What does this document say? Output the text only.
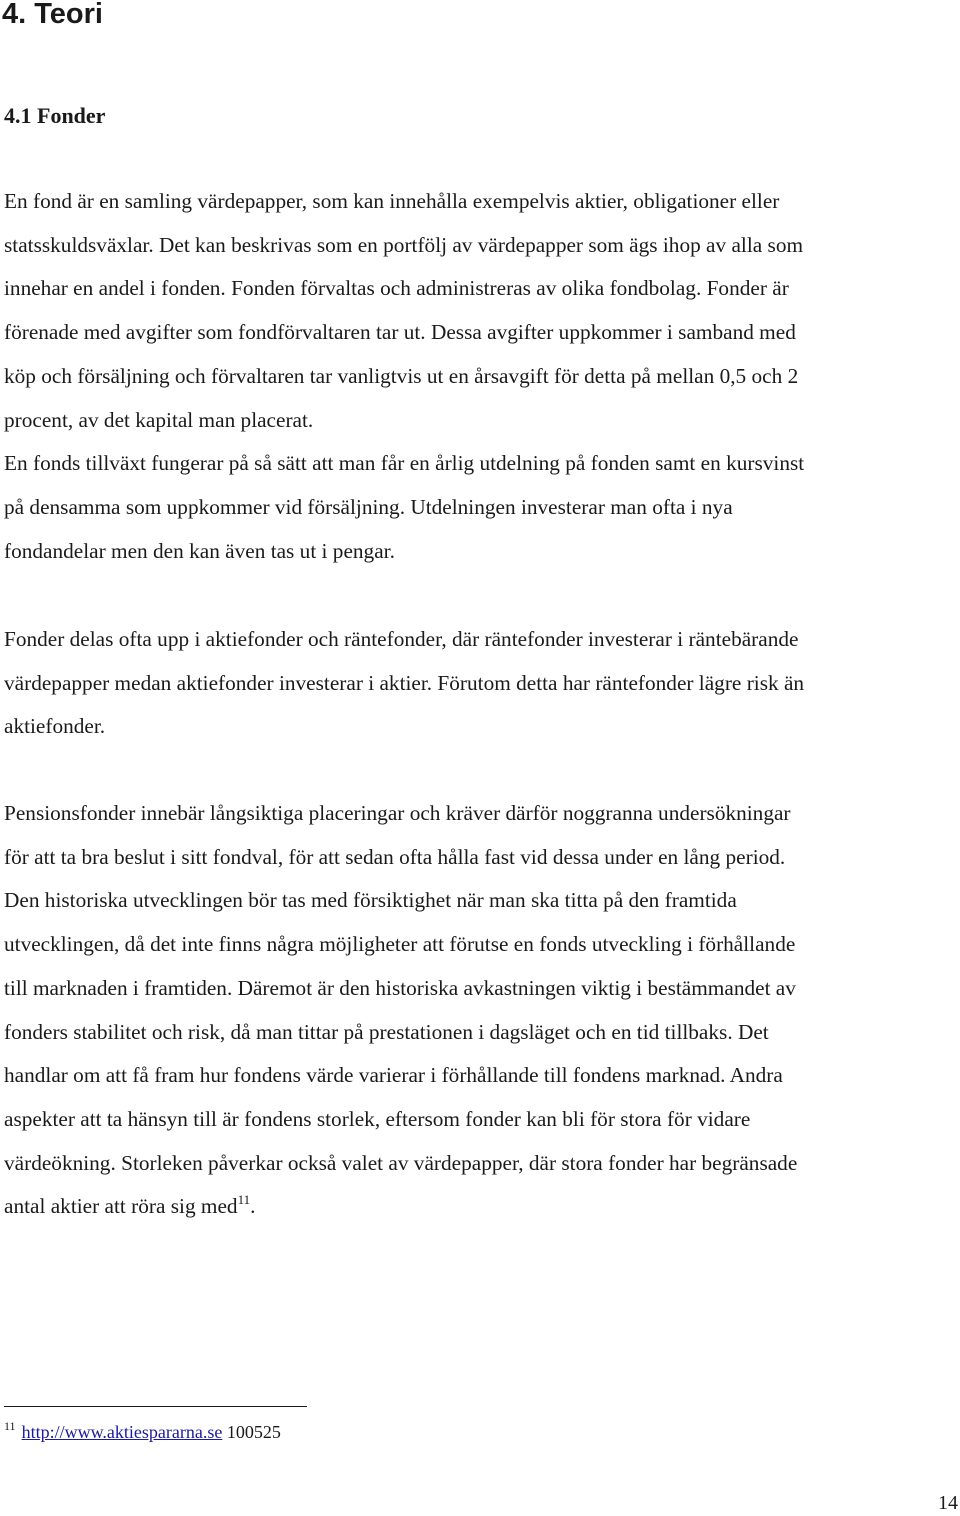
4. Teori
4.1 Fonder

En fond är en samling värdepapper, som kan innehålla exempelvis aktier, obligationer eller
statsskuldsväxlar. Det kan beskrivas som en portfölj av värdepapper som ägs ihop av alla som
innehar en andel i fonden. Fonden förvaltas och administreras av olika fondbolag. Fonder är
förenade med avgifter som fondförvaltaren tar ut. Dessa avgifter uppkommer i samband med
köp och försäljning och förvaltaren tar vanligtvis ut en årsavgift för detta på mellan 0,5 och 2
procent, av det kapital man placerat.
En fonds tillväxt fungerar på så sätt att man får en årlig utdelning på fonden samt en kursvinst
på densamma som uppkommer vid försäljning. Utdelningen investerar man ofta i nya
fondandelar men den kan även tas ut i pengar.

Fonder delas ofta upp i aktiefonder och räntefonder, där räntefonder investerar i räntebärande
värdepapper medan aktiefonder investerar i aktier. Förutom detta har räntefonder lägre risk än
aktiefonder.

Pensionsfonder innebär långsiktiga placeringar och kräver därför noggranna undersökningar
för att ta bra beslut i sitt fondval, för att sedan ofta hålla fast vid dessa under en lång period.
Den historiska utvecklingen bör tas med försiktighet när man ska titta på den framtida
utvecklingen, då det inte finns några möjligheter att förutse en fonds utveckling i förhållande
till marknaden i framtiden. Däremot är den historiska avkastningen viktig i bestämmandet av
fonders stabilitet och risk, då man tittar på prestationen i dagsläget och en tid tillbaks. Det
handlar om att få fram hur fondens värde varierar i förhållande till fondens marknad. Andra
aspekter att ta hänsyn till är fondens storlek, eftersom fonder kan bli för stora för vidare
värdeökning. Storleken påverkar också valet av värdepapper, där stora fonder har begränsade
antal aktier att röra sig med$^{11}$.

$^{11}$ http://www.aktiespararna.se 100525
14
